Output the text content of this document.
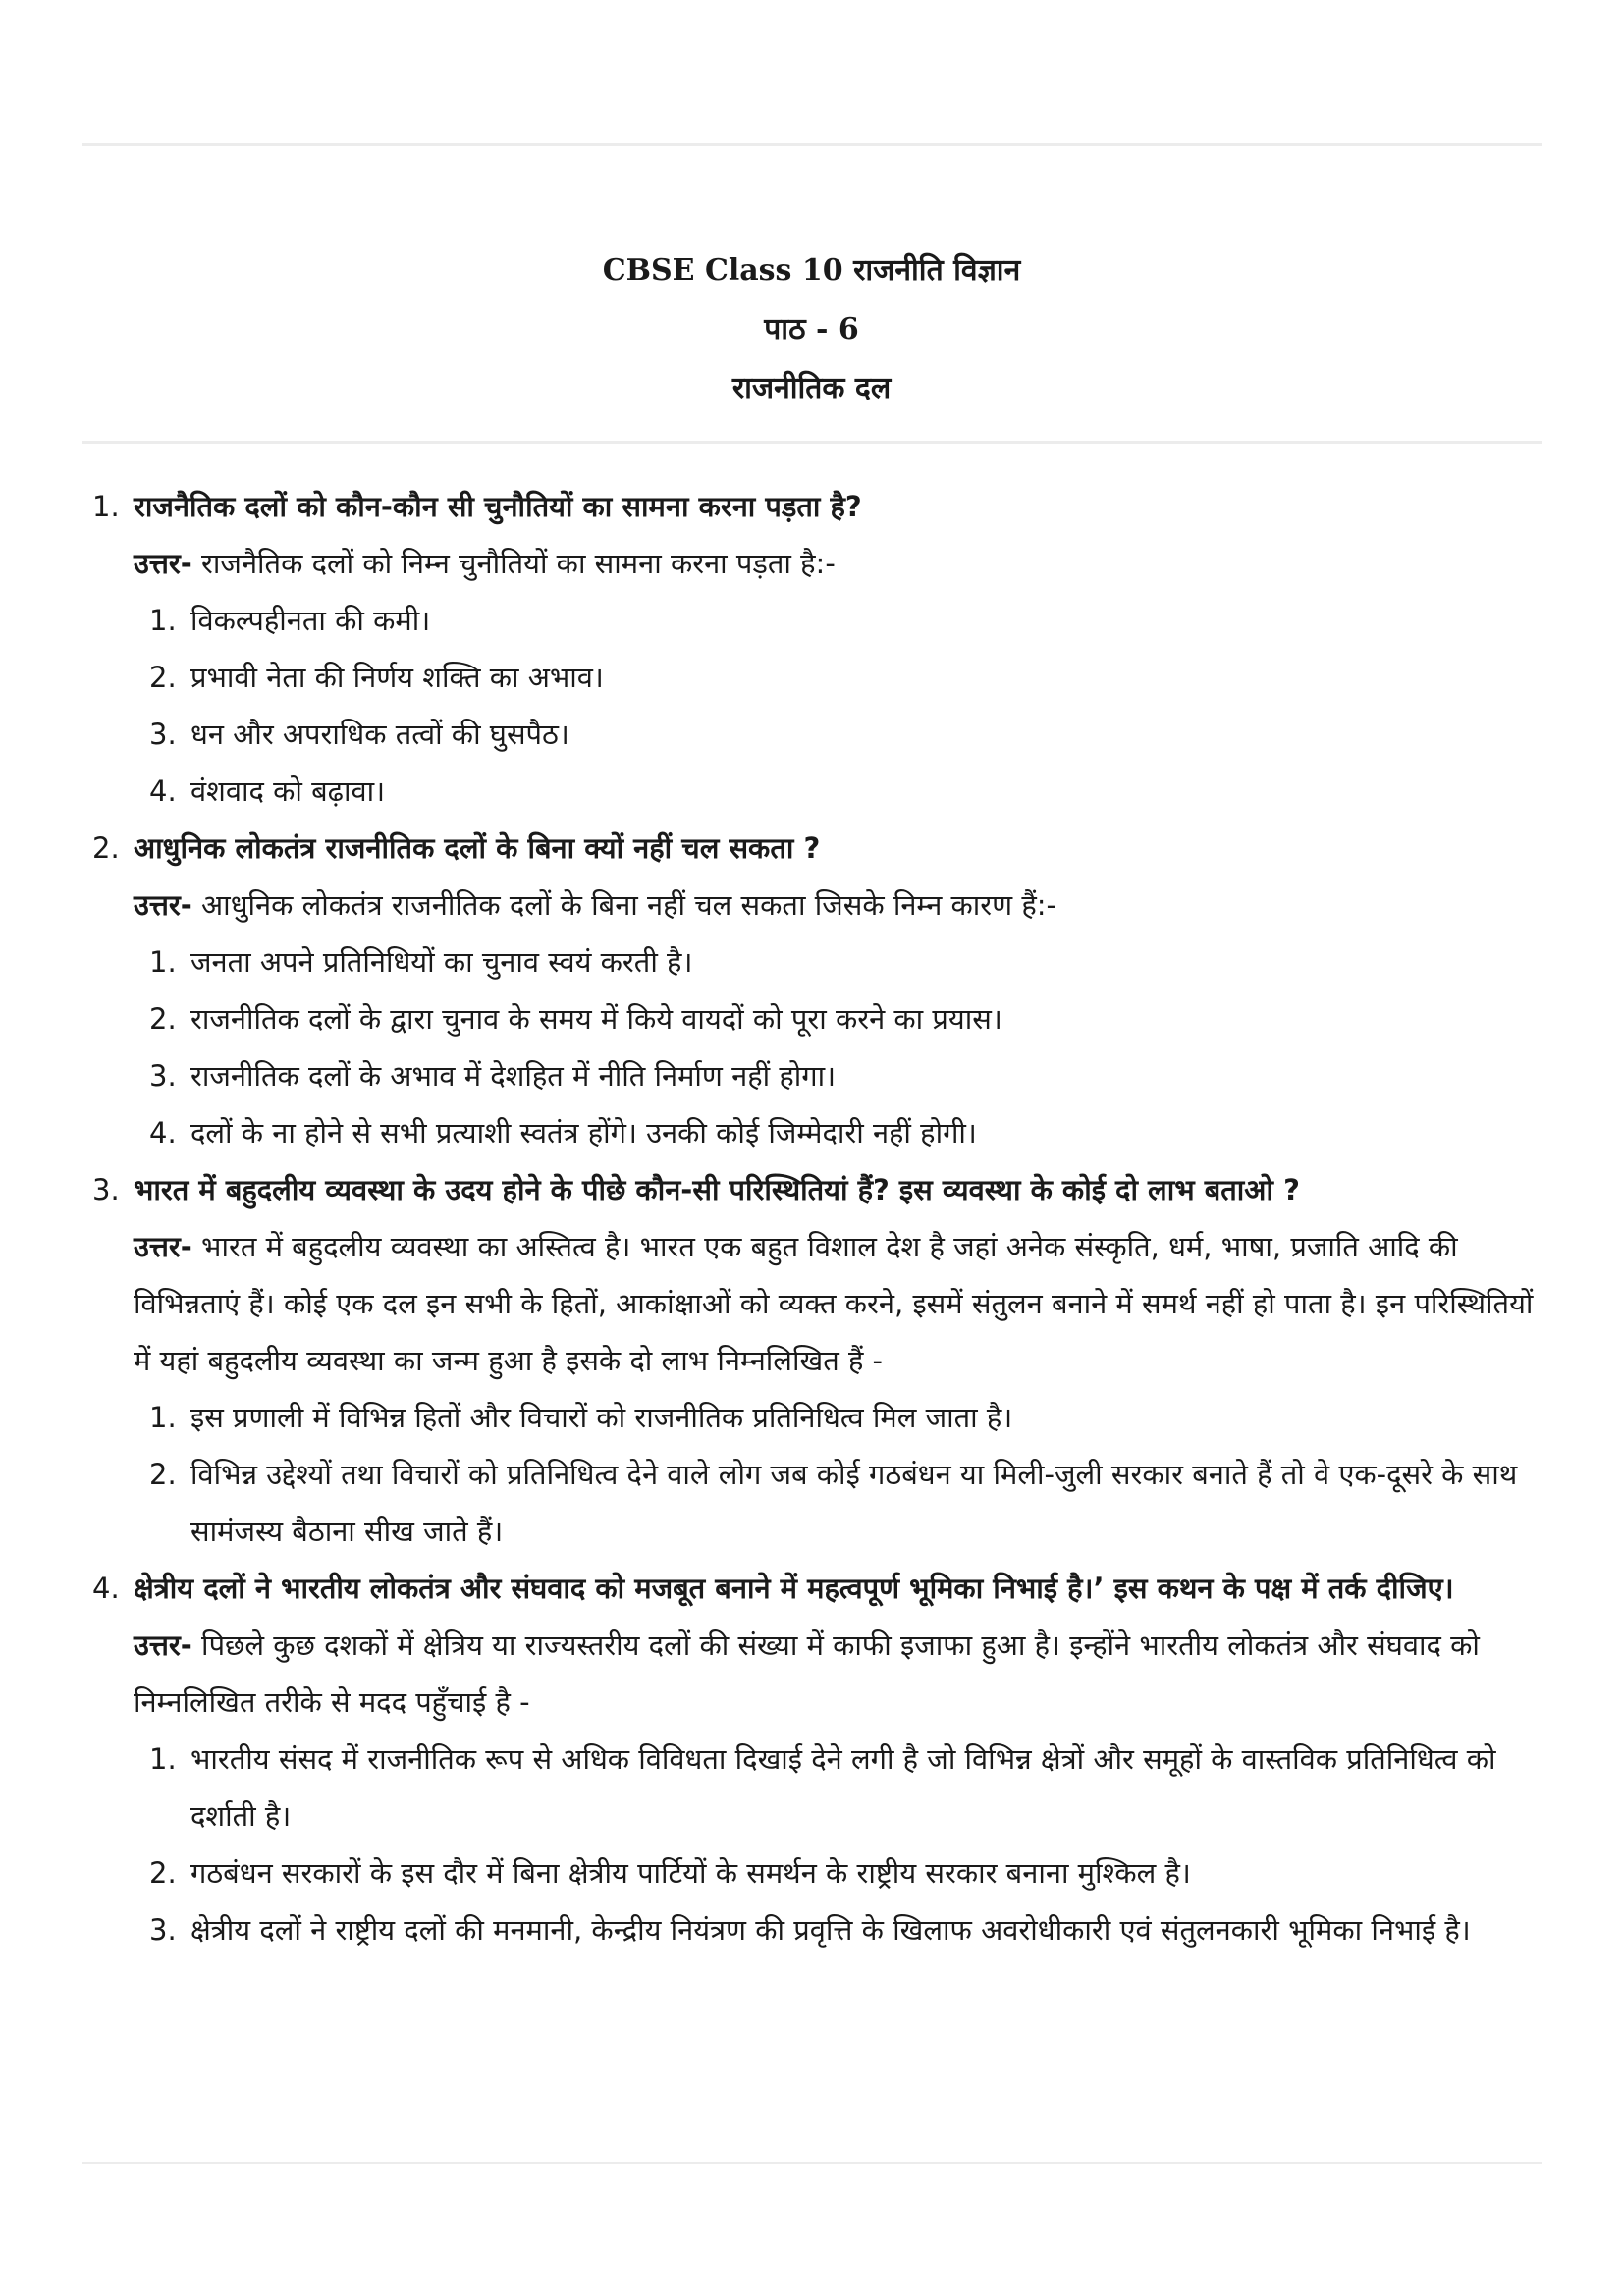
CBSE Class 10 राजनीति विज्ञान
पाठ - 6
राजनीतिक दल
1. राजनैतिक दलों को कौन-कौन सी चुनौतियों का सामना करना पड़ता है?
उत्तर- राजनैतिक दलों को निम्न चुनौतियों का सामना करना पड़ता है:-
1. विकल्पहीनता की कमी।
2. प्रभावी नेता की निर्णय शक्ति का अभाव।
3. धन और अपराधिक तत्वों की घुसपैठ।
4. वंशवाद को बढ़ावा।
2. आधुनिक लोकतंत्र राजनीतिक दलों के बिना क्यों नहीं चल सकता ?
उत्तर- आधुनिक लोकतंत्र राजनीतिक दलों के बिना नहीं चल सकता जिसके निम्न कारण हैं:-
1. जनता अपने प्रतिनिधियों का चुनाव स्वयं करती है।
2. राजनीतिक दलों के द्वारा चुनाव के समय में किये वायदों को पूरा करने का प्रयास।
3. राजनीतिक दलों के अभाव में देशहित में नीति निर्माण नहीं होगा।
4. दलों के ना होने से सभी प्रत्याशी स्वतंत्र होंगे। उनकी कोई जिम्मेदारी नहीं होगी।
3. भारत में बहुदलीय व्यवस्था के उदय होने के पीछे कौन-सी परिस्थितियां हैं? इस व्यवस्था के कोई दो लाभ बताओ ?
उत्तर- भारत में बहुदलीय व्यवस्था का अस्तित्व है। भारत एक बहुत विशाल देश है जहां अनेक संस्कृति, धर्म, भाषा, प्रजाति आदि की विभिन्नताएं हैं। कोई एक दल इन सभी के हितों, आकांक्षाओं को व्यक्त करने, इसमें संतुलन बनाने में समर्थ नहीं हो पाता है। इन परिस्थितियों में यहां बहुदलीय व्यवस्था का जन्म हुआ है इसके दो लाभ निम्नलिखित हैं -
1. इस प्रणाली में विभिन्न हितों और विचारों को राजनीतिक प्रतिनिधित्व मिल जाता है।
2. विभिन्न उद्देश्यों तथा विचारों को प्रतिनिधित्व देने वाले लोग जब कोई गठबंधन या मिली-जुली सरकार बनाते हैं तो वे एक-दूसरे के साथ सामंजस्य बैठाना सीख जाते हैं।
4. क्षेत्रीय दलों ने भारतीय लोकतंत्र और संघवाद को मजबूत बनाने में महत्वपूर्ण भूमिका निभाई है।’ इस कथन के पक्ष में तर्क दीजिए।
उत्तर- पिछले कुछ दशकों में क्षेत्रिय या राज्यस्तरीय दलों की संख्या में काफी इजाफा हुआ है। इन्होंने भारतीय लोकतंत्र और संघवाद को निम्नलिखित तरीके से मदद पहुँचाई है -
1. भारतीय संसद में राजनीतिक रूप से अधिक विविधता दिखाई देने लगी है जो विभिन्न क्षेत्रों और समूहों के वास्तविक प्रतिनिधित्व को दर्शाती है।
2. गठबंधन सरकारों के इस दौर में बिना क्षेत्रीय पार्टियों के समर्थन के राष्ट्रीय सरकार बनाना मुश्किल है।
3. क्षेत्रीय दलों ने राष्ट्रीय दलों की मनमानी, केन्द्रीय नियंत्रण की प्रवृत्ति के खिलाफ अवरोधीकारी एवं संतुलनकारी भूमिका निभाई है।
